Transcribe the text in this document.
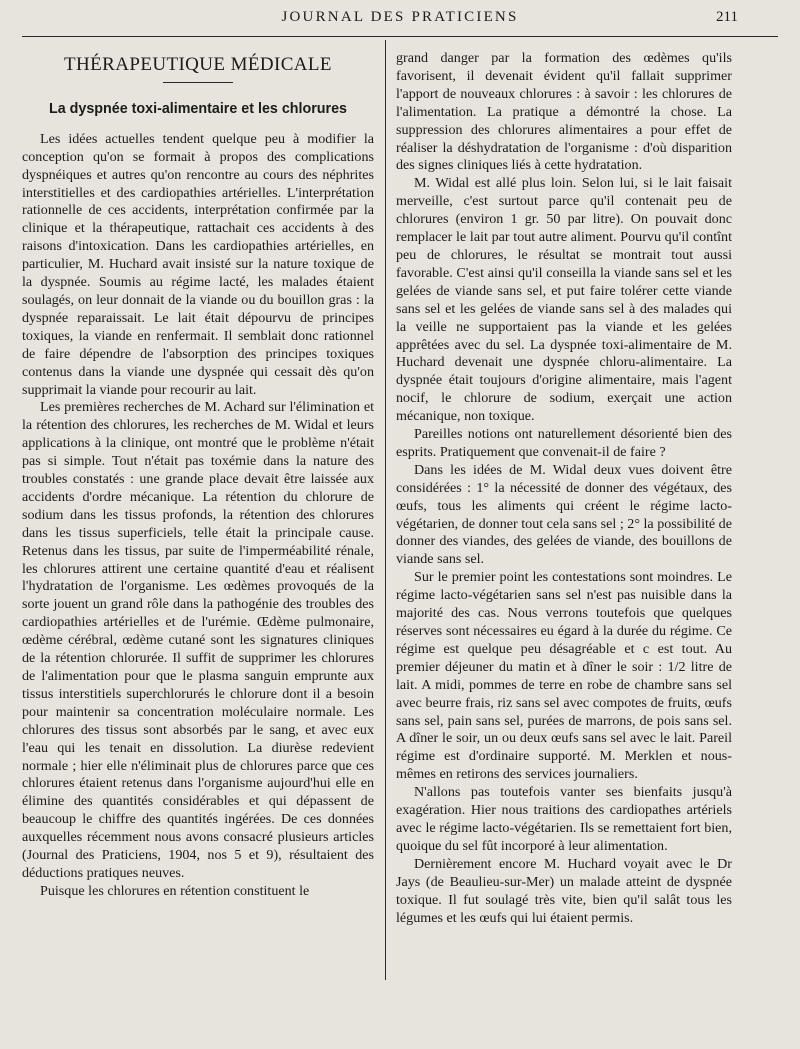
JOURNAL DES PRATICIENS	211
THÉRAPEUTIQUE MÉDICALE
La dyspnée toxi-alimentaire et les chlorures

Les idées actuelles tendent quelque peu à modifier la conception qu'on se formait à propos des complications dyspnéiques et autres qu'on rencontre au cours des néphrites interstitielles et des cardiopathies artérielles. L'interprétation rationnelle de ces accidents, interprétation confirmée par la clinique et la thérapeutique, rattachait ces accidents à des raisons d'intoxication. Dans les cardiopathies artérielles, en particulier, M. Huchard avait insisté sur la nature toxique de la dyspnée. Soumis au régime lacté, les malades étaient soulagés, on leur donnait de la viande ou du bouillon gras : la dyspnée reparaissait. Le lait était dépourvu de principes toxiques, la viande en renfermait. Il semblait donc rationnel de faire dépendre de l'absorption des principes toxiques contenus dans la viande une dyspnée qui cessait dès qu'on supprimait la viande pour recourir au lait.

Les premières recherches de M. Achard sur l'élimination et la rétention des chlorures, les recherches de M. Widal et leurs applications à la clinique, ont montré que le problème n'était pas si simple. Tout n'était pas toxémie dans la nature des troubles constatés : une grande place devait être laissée aux accidents d'ordre mécanique. La rétention du chlorure de sodium dans les tissus profonds, la rétention des chlorures dans les tissus superficiels, telle était la principale cause. Retenus dans les tissus, par suite de l'imperméabilité rénale, les chlorures attirent une certaine quantité d'eau et réalisent l'hydratation de l'organisme. Les œdèmes provoqués de la sorte jouent un grand rôle dans la pathogénie des troubles des cardiopathies artérielles et de l'urémie. Œdème pulmonaire, œdème cérébral, œdème cutané sont les signatures cliniques de la rétention chlorurée. Il suffit de supprimer les chlorures de l'alimentation pour que le plasma sanguin emprunte aux tissus interstitiels superchlorurés le chlorure dont il a besoin pour maintenir sa concentration moléculaire normale. Les chlorures des tissus sont absorbés par le sang, et avec eux l'eau qui les tenait en dissolution. La diurèse redevient normale ; hier elle n'éliminait plus de chlorures parce que ces chlorures étaient retenus dans l'organisme aujourd'hui elle en élimine des quantités considérables et qui dépassent de beaucoup le chiffre des quantités ingérées. De ces données auxquelles récemment nous avons consacré plusieurs articles (Journal des Praticiens, 1904, nos 5 et 9), résultaient des déductions pratiques neuves.

Puisque les chlorures en rétention constituent le

grand danger par la formation des œdèmes qu'ils favorisent, il devenait évident qu'il fallait supprimer l'apport de nouveaux chlorures : à savoir : les chlorures de l'alimentation. La pratique a démontré la chose. La suppression des chlorures alimentaires a pour effet de réaliser la déshydratation de l'organisme : d'où disparition des signes cliniques liés à cette hydratation.

M. Widal est allé plus loin. Selon lui, si le lait faisait merveille, c'est surtout parce qu'il contenait peu de chlorures (environ 1 gr. 50 par litre). On pouvait donc remplacer le lait par tout autre aliment. Pourvu qu'il contînt peu de chlorures, le résultat se montrait tout aussi favorable. C'est ainsi qu'il conseilla la viande sans sel et les gelées de viande sans sel, et put faire tolérer cette viande sans sel et les gelées de viande sans sel à des malades qui la veille ne supportaient pas la viande et les gelées apprêtées avec du sel. La dyspnée toxi-alimentaire de M. Huchard devenait une dyspnée chloru-alimentaire. La dyspnée était toujours d'origine alimentaire, mais l'agent nocif, le chlorure de sodium, exerçait une action mécanique, non toxique.

Pareilles notions ont naturellement désorienté bien des esprits. Pratiquement que convenait-il de faire ?

Dans les idées de M. Widal deux vues doivent être considérées : 1° la nécessité de donner des végétaux, des œufs, tous les aliments qui créent le régime lacto-végétarien, de donner tout cela sans sel ; 2° la possibilité de donner des viandes, des gelées de viande, des bouillons de viande sans sel.

Sur le premier point les contestations sont moindres. Le régime lacto-végétarien sans sel n'est pas nuisible dans la majorité des cas. Nous verrons toutefois que quelques réserves sont nécessaires eu égard à la durée du régime. Ce régime est quelque peu désagréable et c est tout. Au premier déjeuner du matin et à dîner le soir : 1/2 litre de lait. A midi, pommes de terre en robe de chambre sans sel avec beurre frais, riz sans sel avec compotes de fruits, œufs sans sel, pain sans sel, purées de marrons, de pois sans sel. A dîner le soir, un ou deux œufs sans sel avec le lait. Pareil régime est d'ordinaire supporté. M. Merklen et nous-mêmes en retirons des services journaliers.

N'allons pas toutefois vanter ses bienfaits jusqu'à exagération. Hier nous traitions des cardiopathes artériels avec le régime lacto-végétarien. Ils se remettaient fort bien, quoique du sel fût incorporé à leur alimentation.

Dernièrement encore M. Huchard voyait avec le Dr Jays (de Beaulieu-sur-Mer) un malade atteint de dyspnée toxique. Il fut soulagé très vite, bien qu'il salât tous les légumes et les œufs qui lui étaient permis.
